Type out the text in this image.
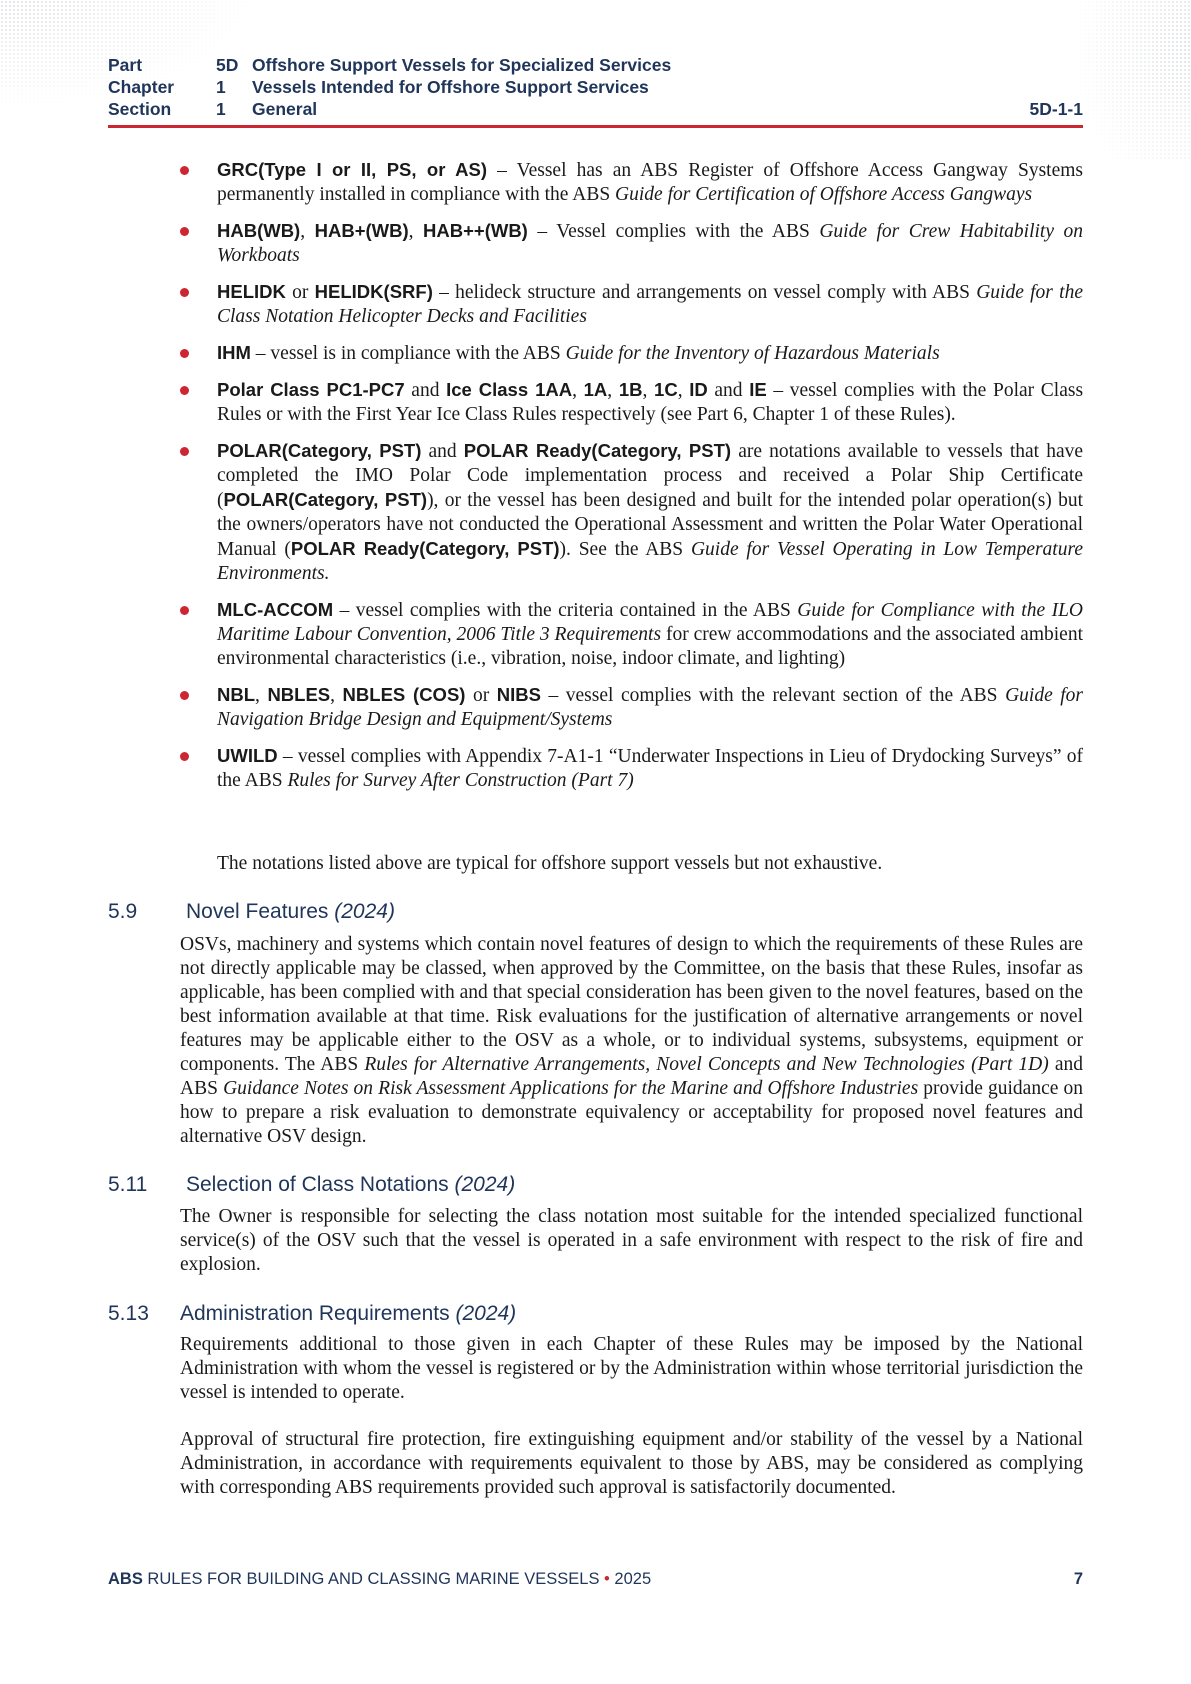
Part	5D Offshore Support Vessels for Specialized Services
Chapter 1 Vessels Intended for Offshore Support Services
Section	1 General	5D-1-1
GRC(Type I or II, PS, or AS) – Vessel has an ABS Register of Offshore Access Gangway Systems permanently installed in compliance with the ABS Guide for Certification of Offshore Access Gangways
HAB(WB), HAB+(WB), HAB++(WB) – Vessel complies with the ABS Guide for Crew Habitability on Workboats
HELIDK or HELIDK(SRF) – helideck structure and arrangements on vessel comply with ABS Guide for the Class Notation Helicopter Decks and Facilities
IHM – vessel is in compliance with the ABS Guide for the Inventory of Hazardous Materials
Polar Class PC1-PC7 and Ice Class 1AA, 1A, 1B, 1C, ID and IE – vessel complies with the Polar Class Rules or with the First Year Ice Class Rules respectively (see Part 6, Chapter 1 of these Rules).
POLAR(Category, PST) and POLAR Ready(Category, PST) are notations available to vessels that have completed the IMO Polar Code implementation process and received a Polar Ship Certificate (POLAR(Category, PST)), or the vessel has been designed and built for the intended polar operation(s) but the owners/operators have not conducted the Operational Assessment and written the Polar Water Operational Manual (POLAR Ready(Category, PST)). See the ABS Guide for Vessel Operating in Low Temperature Environments.
MLC-ACCOM – vessel complies with the criteria contained in the ABS Guide for Compliance with the ILO Maritime Labour Convention, 2006 Title 3 Requirements for crew accommodations and the associated ambient environmental characteristics (i.e., vibration, noise, indoor climate, and lighting)
NBL, NBLES, NBLES (COS) or NIBS – vessel complies with the relevant section of the ABS Guide for Navigation Bridge Design and Equipment/Systems
UWILD – vessel complies with Appendix 7-A1-1 “Underwater Inspections in Lieu of Drydocking Surveys” of the ABS Rules for Survey After Construction (Part 7)

The notations listed above are typical for offshore support vessels but not exhaustive.

5.9 Novel Features (2024)

OSVs, machinery and systems which contain novel features of design to which the requirements of these Rules are not directly applicable may be classed, when approved by the Committee, on the basis that these Rules, insofar as applicable, has been complied with and that special consideration has been given to the novel features, based on the best information available at that time. Risk evaluations for the justification of alternative arrangements or novel features may be applicable either to the OSV as a whole, or to individual systems, subsystems, equipment or components. The ABS Rules for Alternative Arrangements, Novel Concepts and New Technologies (Part 1D) and ABS Guidance Notes on Risk Assessment Applications for the Marine and Offshore Industries provide guidance on how to prepare a risk evaluation to demonstrate equivalency or acceptability for proposed novel features and alternative OSV design.

5.11 Selection of Class Notations (2024)

The Owner is responsible for selecting the class notation most suitable for the intended specialized functional service(s) of the OSV such that the vessel is operated in a safe environment with respect to the risk of fire and explosion.

5.13 Administration Requirements (2024)

Requirements additional to those given in each Chapter of these Rules may be imposed by the National Administration with whom the vessel is registered or by the Administration within whose territorial jurisdiction the vessel is intended to operate.

Approval of structural fire protection, fire extinguishing equipment and/or stability of the vessel by a National Administration, in accordance with requirements equivalent to those by ABS, may be considered as complying with corresponding ABS requirements provided such approval is satisfactorily documented.

ABS RULES FOR BUILDING AND CLASSING MARINE VESSELS • 2025	7
